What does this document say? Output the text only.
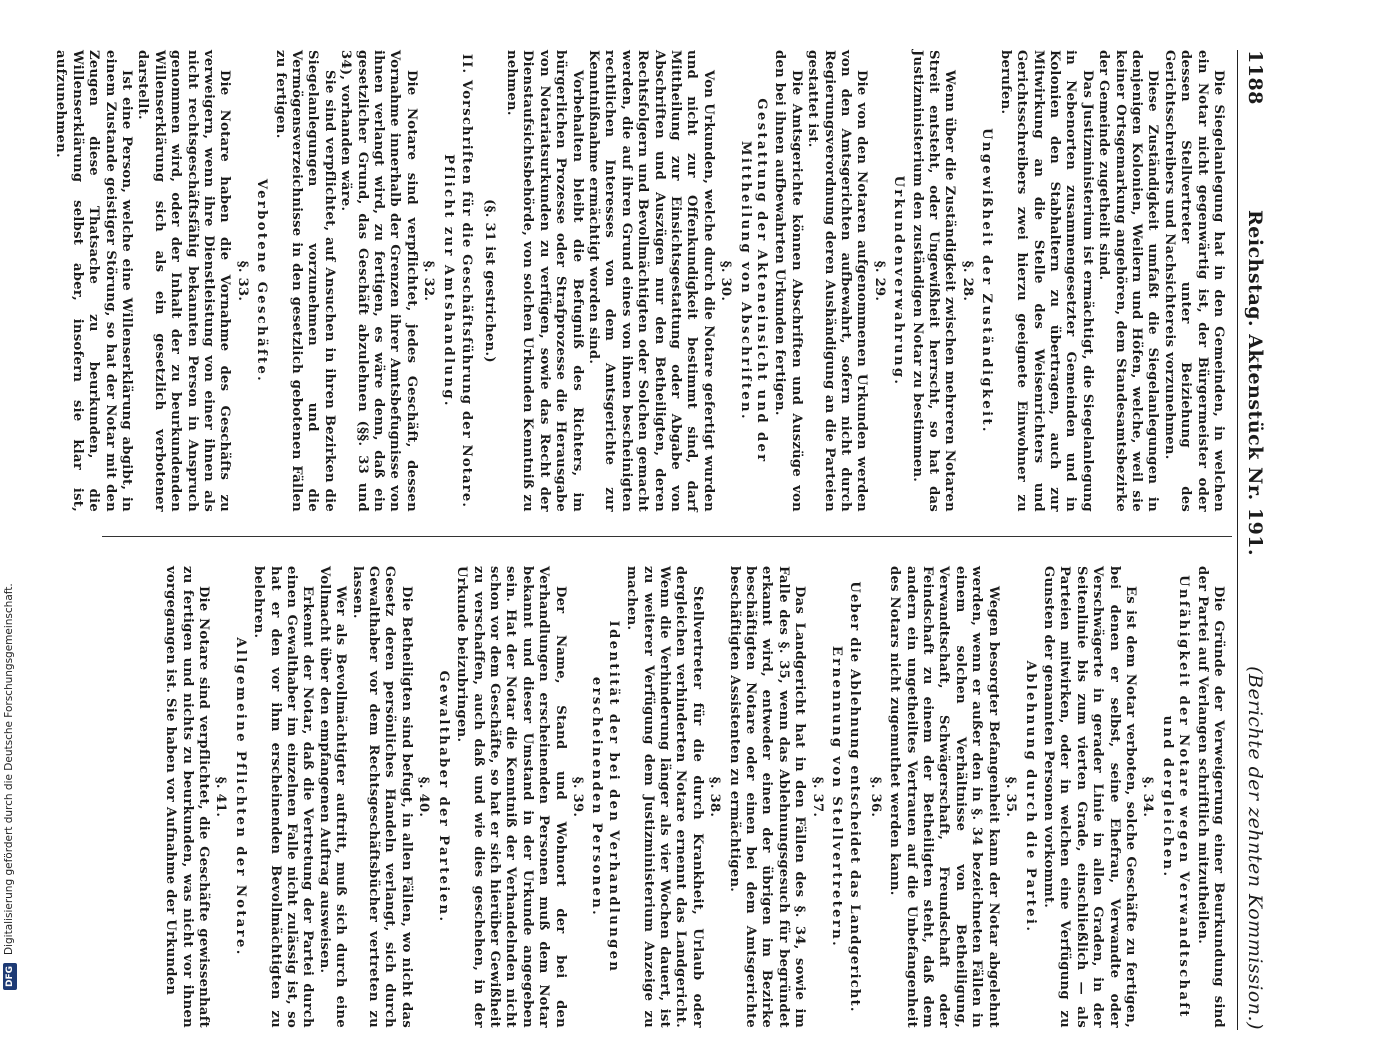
1188
Reichstag. Aktenstück Nr. 191.
(Berichte der zehnten Kommission.)

Die Siegelanlegung hat in den Gemeinden, in welchen ein Notar nicht gegenwärtig ist, der Bürgermeister oder dessen Stellvertreter unter Beiziehung des Gerichtsschreibers und Nachsichtereis vorzunehmen.

Diese Zuständigkeit umfaßt die Siegelanlegungen in denjenigen Kolonien, Weilern und Höfen, welche, weil sie keiner Ortsgemarkung angehören, dem Standesamtsbezirke der Gemeinde zugetheilt sind.

Das Justizministerium ist ermächtigt, die Siegelanlegung in Nebenorten zusammengesetzter Gemeinden und in Kolonien den Stabhaltern zu übertragen, auch zur Mitwirkung an die Stelle des Weisenrichters und Gerichtsschreibers zwei hierzu geeignete Einwohner zu berufen.

Ungewißheit der Zuständigkeit.
§. 28.

Wenn über die Zuständigkeit zwischen mehreren Notaren Streit entsteht, oder Ungewißheit herrscht, so hat das Justizministerium den zuständigen Notar zu bestimmen.

Urkundenverwahrung.
§. 29.

Die von den Notaren aufgenommenen Urkunden werden von den Amtsgerichten aufbewahrt, sofern nicht durch Regierungsverordnung deren Aushändigung an die Parteien gestattet ist.

Die Amtsgerichte können Abschriften und Auszüge von den bei ihnen aufbewahrten Urkunden fertigen.

Gestattung der Akteneinsicht und der Mittheilung von Abschriften.
§. 30.

Von Urkunden, welche durch die Notare gefertigt wurden und nicht zur Offenkundigkeit bestimmt sind, darf Mittheilung zur Einsichtsgestattung oder Abgabe von Abschriften und Auszügen nur den Betheiligten, deren Rechtsfolgern und Bevollmächtigten oder Solchen gemacht werden, die auf ihren Grund eines von ihnen bescheinigten rechtlichen Interesses von dem Amtsgerichte zur Kenntnißnahme ermächtigt worden sind.

Vorbehalten bleibt die Befugniß des Richters, im bürgerlichen Prozesse oder Strafprozesse die Herausgabe von Notariatsurkunden zu verfügen, sowie das Recht der Dienstaufsichtsbehörde, von solchen Urkunden Kenntniß zu nehmen.

(§. 31 ist gestrichen.)
II. Vorschriften für die Geschäftsführung der Notare.
Pflicht zur Amtshandlung.
§. 32.

Die Notare sind verpflichtet, jedes Geschäft, dessen Vornahme innerhalb der Grenzen ihrer Amtsbefugnisse von ihnen verlangt wird, zu fertigen, es wäre denn, daß ein gesetzlicher Grund, das Geschäft abzulehnen (§§. 33 und 34), vorhanden wäre.

Sie sind verpflichtet, auf Ansuchen in ihren Bezirken die Siegelanlegungen vorzunehmen und die Vermögensverzeichnisse in den gesetzlich gebotenen Fällen zu fertigen.

Verbotene Geschäfte.
§. 33.

Die Notare haben die Vornahme des Geschäfts zu verweigern, wenn ihre Dienstleistung von einer ihnen als nicht rechtsgeschäftsfähig bekannten Person in Anspruch genommen wird, oder der Inhalt der zu beurkundenden Willenserklärung sich als ein gesetzlich verbotener darstellt.

Ist eine Person, welche eine Willenserklärung abgibt, in einem Zustande geistiger Störung, so hat der Notar mit den Zeugen diese Thatsache zu beurkunden, die Willenserklärung selbst aber, insofern sie klar ist, aufzunehmen.

Die Gründe der Verweigerung einer Beurkundung sind der Partei auf Verlangen schriftlich mitzutheilen.

Unfähigkeit der Notare wegen Verwandtschaft und dergleichen.
§. 34.

Es ist dem Notar verboten, solche Geschäfte zu fertigen, bei denen er selbst, seine Ehefrau, Verwandte oder Verschwägerte in gerader Linie in allen Graden, in der Seitenlinie bis zum vierten Grade, einschließlich — als Parteien mitwirken, oder in welchen eine Verfügung zu Gunsten der genannten Personen vorkommt.

Ablehnung durch die Partei.
§. 35.

Wegen besorgter Befangenheit kann der Notar abgelehnt werden, wenn er außer den in §. 34 bezeichneten Fällen in einem solchen Verhältnisse von Betheiligung, Verwandtschaft, Schwägerschaft, Freundschaft oder Feindschaft zu einem der Betheiligten steht, daß dem andern ein ungetheiltes Vertrauen auf die Unbefangenheit des Notars nicht zugemuthet werden kann.

§. 36.
Ueber die Ablehnung entscheidet das Landgericht.
Ernennung von Stellvertretern.
§. 37.

Das Landgericht hat in den Fällen des §. 34, sowie im Falle des §. 35, wenn das Ablehnungsgesuch für begründet erkannt wird, entweder einen der übrigen im Bezirke beschäftigten Notare oder einen bei dem Amtsgerichte beschäftigten Assistenten zu ermächtigen.

§. 38.

Stellvertreter für die durch Krankheit, Urlaub oder dergleichen verhinderten Notare ernennt das Landgericht. Wenn die Verhinderung länger als vier Wochen dauert, ist zu weiterer Verfügung dem Justizministerium Anzeige zu machen.

Identität der bei den Verhandlungen erscheinenden Personen.
§. 39.

Der Name, Stand und Wohnort der bei den Verhandlungen erscheinenden Personen muß dem Notar bekannt und dieser Umstand in der Urkunde angegeben sein. Hat der Notar die Kenntniß der Verhandelnden nicht schon vor dem Geschäfte, so hat er sich hierüber Gewißheit zu verschaffen, auch daß und wie dies geschehen, in der Urkunde beizubringen.

Gewalthaber der Parteien.
§. 40.

Die Betheiligten sind befugt, in allen Fällen, wo nicht das Gesetz deren persönliches Handeln verlangt, sich durch Gewalthaber vor dem Rechtsgeschäftsbücher vertreten zu lassen.

Wer als Bevollmächtigter auftritt, muß sich durch eine Vollmacht über den empfangenen Auftrag ausweisen.

Erkennt der Notar, daß die Vertretung der Partei durch einen Gewalthaber im einzelnen Falle nicht zulässig ist, so hat er den vor ihm erscheinenden Bevollmächtigten zu belehren.

Allgemeine Pflichten der Notare.
§. 41.

Die Notare sind verpflichtet, die Geschäfte gewissenhaft zu fertigen und nichts zu beurkunden, was nicht vor ihnen vorgegangen ist. Sie haben vor Aufnahme der Urkunden

DFGDigitalisierung gefördert durch die Deutsche Forschungsgemeinschaft.
